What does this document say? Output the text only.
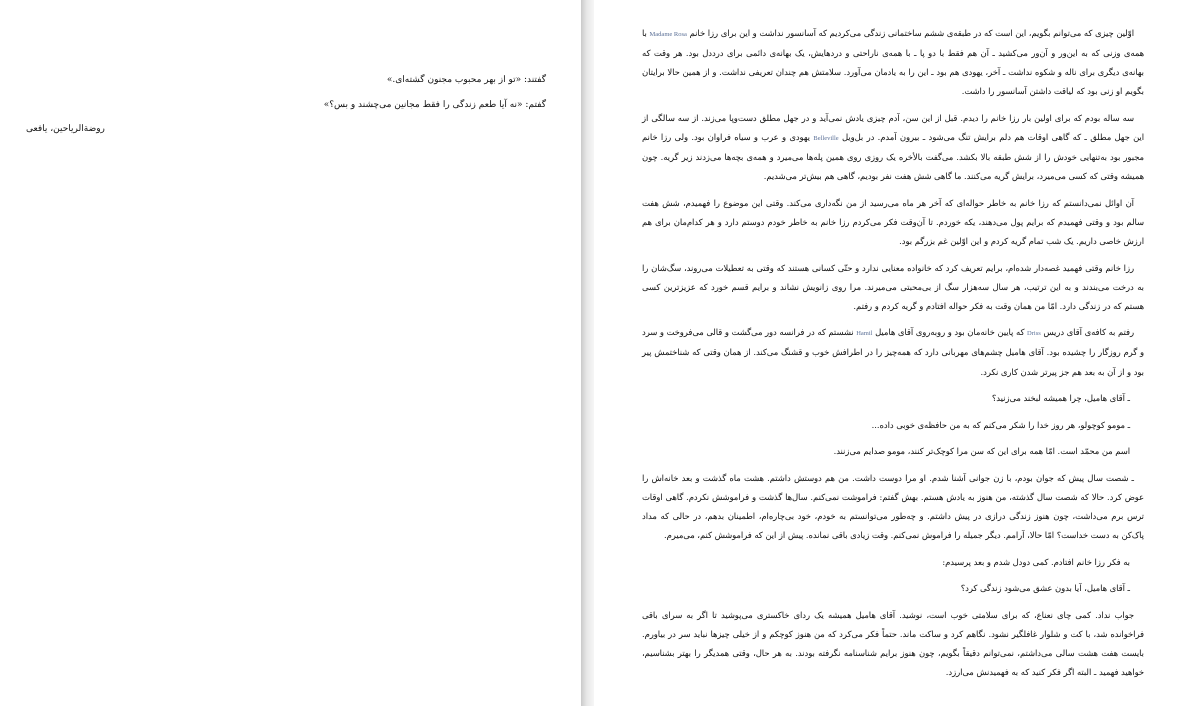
گفتند: «تو از بهر محبوب مجنون گشته‌ای.»

گفتم: «نه آیا طعم زندگی را فقط مجانین می‌چشند و بس؟»

روضة‌الریاحین، یافعی

اوّلین چیزی که می‌توانم بگویم، این است که در طبقه‌ی ششم ساختمانی زندگی می‌کردیم که آسانسور نداشت و این برای رزا خانم Madame Rosa با همه‌ی وزنی که به این‌ور و آن‌ور می‌کشید ـ آن هم فقط با دو پا ـ با همه‌ی ناراحتی و دردهایش، یک بهانه‌ی دائمی برای درددل بود. هر وقت که بهانه‌ی دیگری برای ناله و شکوه نداشت ـ آخر، یهودی هم بود ـ این را به یادمان می‌آورد. سلامتش هم چندان تعریفی نداشت. و از همین حالا برایتان بگویم او زنی بود که لیاقت داشتن آسانسور را داشت.

سه ساله بودم که برای اولین بار رزا خانم را دیدم. قبل از این سن، آدم چیزی یادش نمی‌آید و در جهل مطلق دست‌وپا می‌زند. از سه سالگی از این جهل مطلق ـ که گاهی اوقات هم دلم برایش تنگ می‌شود ـ بیرون آمدم. در بل‌ویل Belleville یهودی و عرب و سیاه فراوان بود. ولی رزا خانم مجبور بود به‌تنهایی خودش را از شش طبقه بالا بکشد. می‌گفت بالأخره یک روزی روی همین پله‌ها می‌میرد و همه‌ی بچه‌ها می‌زدند زیر گریه. چون همیشه وقتی که کسی می‌میرد، برایش گریه می‌کنند. ما گاهی شش هفت نفر بودیم، گاهی هم بیش‌تر می‌شدیم.

آن اوائل نمی‌دانستم که رزا خانم به خاطر حواله‌ای که آخر هر ماه می‌رسید از من نگه‌داری می‌کند. وقتی این موضوع را فهمیدم، شش هفت سالم بود و وقتی فهمیدم که برایم پول می‌دهند، یکه خوردم. تا آن‌وقت فکر می‌کردم رزا خانم به خاطر خودم دوستم دارد و هر کدام‌مان برای هم ارزش خاصی داریم. یک شب تمام گریه کردم و این اوّلین غم بزرگم بود.

رزا خانم وقتی فهمید غصه‌دار شده‌ام، برایم تعریف کرد که خانواده معنایی ندارد و حتّی کسانی هستند که وقتی به تعطیلات می‌روند، سگ‌شان را به درخت می‌بندند و به این ترتیب، هر سال سه‌هزار سگ از بی‌محبتی می‌میرند. مرا روی زانویش نشاند و برایم قسم خورد که عزیزترین کسی هستم که در زندگی دارد. امّا من همان وقت به فکر حواله افتادم و گریه کردم و رفتم.

رفتم به کافه‌ی آقای دریس Driss که پایین خانه‌مان بود و روبه‌روی آقای هامیل Hamil نشستم که در فرانسه دور می‌گشت و قالی می‌فروخت و سرد و گرم روزگار را چشیده بود. آقای هامیل چشم‌های مهربانی دارد که همه‌چیز را در اطرافش خوب و قشنگ می‌کند. از همان وقتی که شناختمش پیر بود و از آن به بعد هم جز پیرتر شدن کاری نکرد.

ـ آقای هامیل، چرا همیشه لبخند می‌زنید؟

ـ مومو کوچولو، هر روز خدا را شکر می‌کنم که به من حافظه‌ی خوبی داده...

اسم من محمّد است. امّا همه برای این که سن مرا کوچک‌تر کنند، مومو صدایم می‌زنند.

ـ شصت سال پیش که جوان بودم، با زن جوانی آشنا شدم. او مرا دوست داشت. من هم دوستش داشتم. هشت ماه گذشت و بعد خانه‌اش را عوض کرد. حالا که شصت سال گذشته، من هنوز به یادش هستم. بهش گفتم: فراموشت نمی‌کنم. سال‌ها گذشت و فراموشش نکردم. گاهی اوقات ترس برم می‌داشت، چون هنوز زندگی درازی در پیش داشتم. و چه‌طور می‌توانستم به خودم، خود بی‌چاره‌ام، اطمینان بدهم، در حالی که مداد پاک‌کن به دست خداست؟ امّا حالا، آرامم. دیگر جمیله را فراموش نمی‌کنم. وقت زیادی باقی نمانده. پیش از این که فراموشش کنم، می‌میرم.

به فکر رزا خانم افتادم. کمی دودل شدم و بعد پرسیدم:

ـ آقای هامیل، آیا بدون عشق می‌شود زندگی کرد؟

جواب نداد. کمی چای نعناع، که برای سلامتی خوب است، نوشید. آقای هامیل همیشه یک ردای خاکستری می‌پوشید تا اگر به سرای باقی فراخوانده شد، با کت و شلوار غافلگیر نشود. نگاهم کرد و ساکت ماند. حتماً فکر می‌کرد که من هنوز کوچکم و از خیلی چیزها نباید سر در بیاورم. بایست هفت هشت سالی می‌داشتم، نمی‌توانم دقیقاً بگویم، چون هنوز برایم شناسنامه نگرفته بودند. به هر حال، وقتی همدیگر را بهتر بشناسیم، خواهید فهمید ـ البته اگر فکر کنید که به فهمیدنش می‌ارزد.
